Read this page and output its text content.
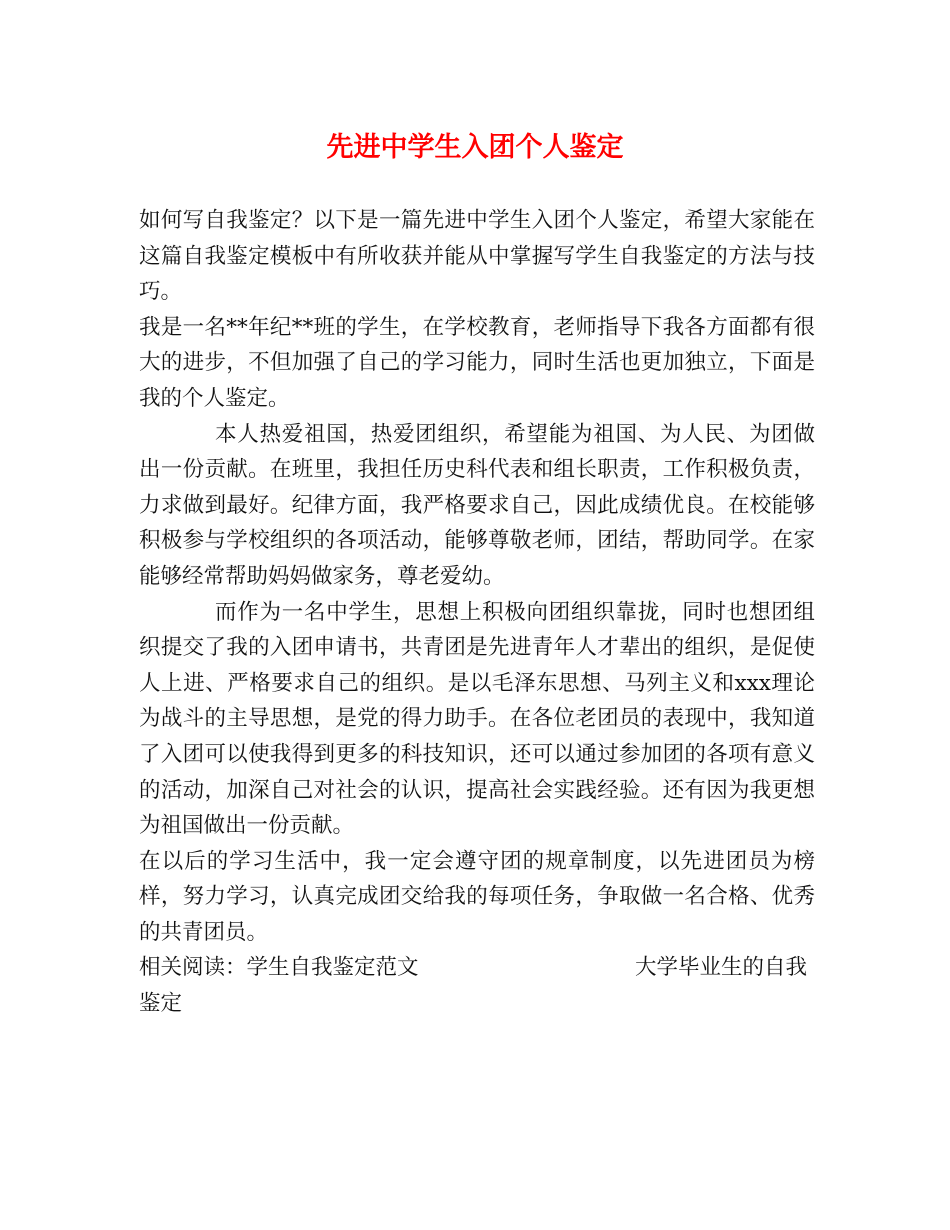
先进中学生入团个人鉴定

如何写自我鉴定？以下是一篇先进中学生入团个人鉴定，希望大家能在这篇自我鉴定模板中有所收获并能从中掌握写学生自我鉴定的方法与技巧。

我是一名**年纪**班的学生，在学校教育，老师指导下我各方面都有很大的进步，不但加强了自己的学习能力，同时生活也更加独立，下面是我的个人鉴定。

本人热爱祖国，热爱团组织，希望能为祖国、为人民、为团做出一份贡献。在班里，我担任历史科代表和组长职责，工作积极负责，力求做到最好。纪律方面，我严格要求自己，因此成绩优良。在校能够积极参与学校组织的各项活动，能够尊敬老师，团结，帮助同学。在家能够经常帮助妈妈做家务，尊老爱幼。

而作为一名中学生，思想上积极向团组织靠拢，同时也想团组织提交了我的入团申请书，共青团是先进青年人才辈出的组织，是促使人上进、严格要求自己的组织。是以毛泽东思想、马列主义和xxx理论为战斗的主导思想，是党的得力助手。在各位老团员的表现中，我知道了入团可以使我得到更多的科技知识，还可以通过参加团的各项有意义的活动，加深自己对社会的认识，提高社会实践经验。还有因为我更想为祖国做出一份贡献。

在以后的学习生活中，我一定会遵守团的规章制度，以先进团员为榜样，努力学习，认真完成团交给我的每项任务，争取做一名合格、优秀的共青团员。

相关阅读：学生自我鉴定范文	大学毕业生的自我

鉴定
